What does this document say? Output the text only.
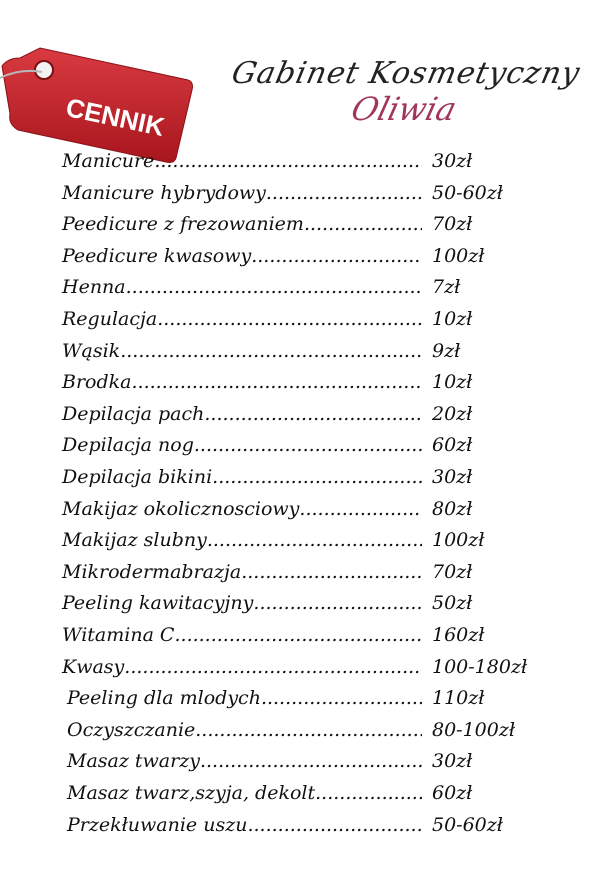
CENNIK
Gabinet Kosmetyczny
Oliwia
Manicure .....	30zł
Manicure hybrydowy .....	50-60zł
Peedicure z frezowaniem .....	70zł
Peedicure kwasowy .....	100zł
Henna .....	7zł
Regulacja .....	10zł
Wąsik .....	9zł
Brodka .....	10zł
Depilacja pach .....	20zł
Depilacja nog .....	60zł
Depilacja bikini .....	30zł
Makijaz okolicznosciowy .....	80zł
Makijaz slubny .....	100zł
Mikrodermabrazja .....	70zł
Peeling kawitacyjny .....	50zł
Witamina C .....	160zł
Kwasy .....	100-180zł
Peeling dla mlodych .....	110zł
Oczyszczanie .....	80-100zł
Masaz twarzy .....	30zł
Masaz twarz,szyja, dekolt .....	60zł
Przekłuwanie uszu .....	50-60zł
